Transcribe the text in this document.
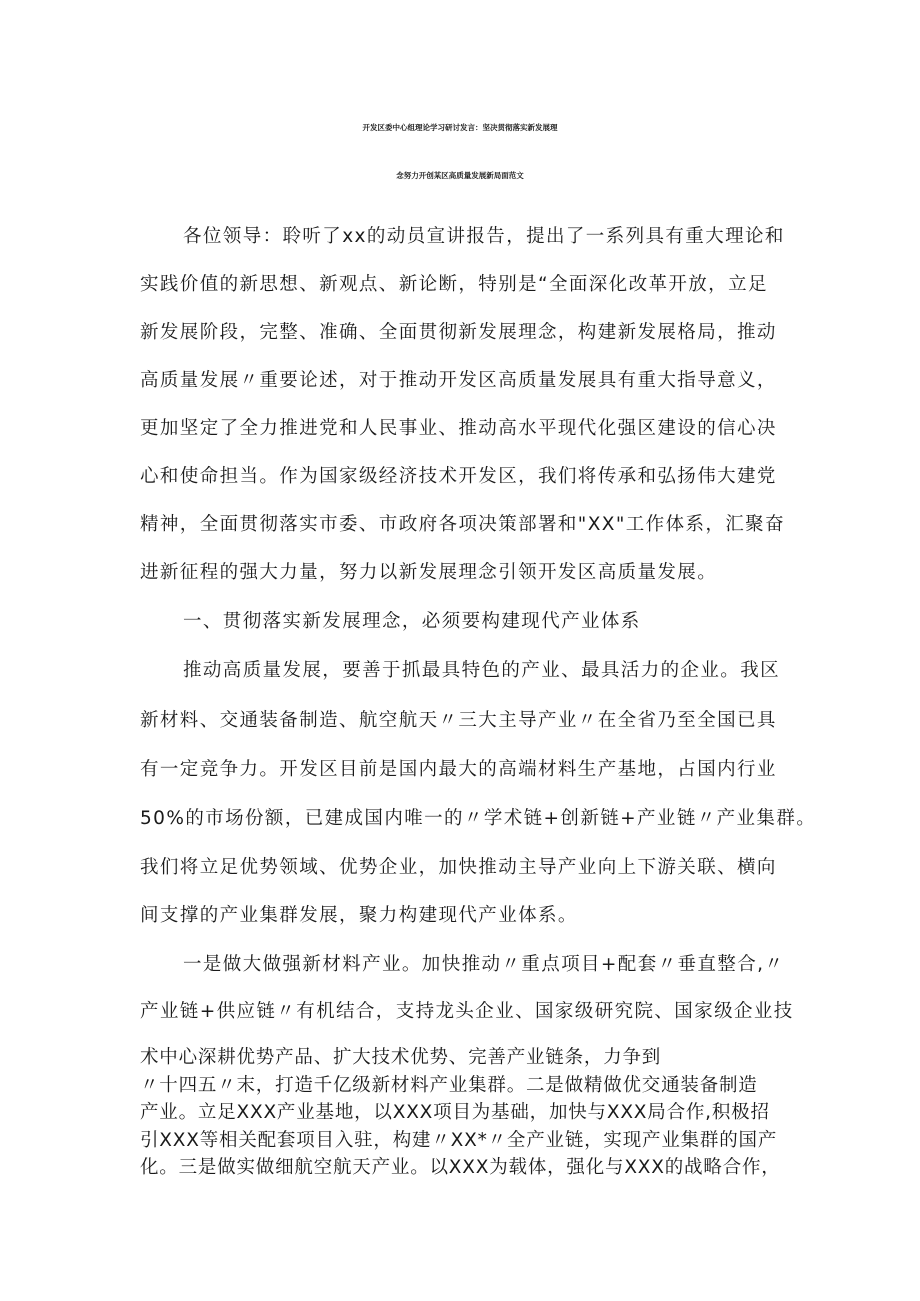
开发区委中心组理论学习研讨发言：坚决贯彻落实新发展理
念努力开创某区高质量发展新局面范文
各位领导：聆听了xx的动员宣讲报告，提出了一系列具有重大理论和
实践价值的新思想、新观点、新论断，特别是“全面深化改革开放，立足
新发展阶段，完整、准确、全面贯彻新发展理念，构建新发展格局，推动
高质量发展〃重要论述，对于推动开发区高质量发展具有重大指导意义，
更加坚定了全力推进党和人民事业、推动高水平现代化强区建设的信心决
心和使命担当。作为国家级经济技术开发区，我们将传承和弘扬伟大建党
精神，全面贯彻落实市委、市政府各项决策部署和"XX"工作体系，汇聚奋
进新征程的强大力量，努力以新发展理念引领开发区高质量发展。
一、贯彻落实新发展理念，必须要构建现代产业体系
推动高质量发展，要善于抓最具特色的产业、最具活力的企业。我区
新材料、交通装备制造、航空航天〃三大主导产业〃在全省乃至全国已具
有一定竞争力。开发区目前是国内最大的高端材料生产基地，占国内行业
50%的市场份额，已建成国内唯一的〃学术链+创新链+产业链〃产业集群。
我们将立足优势领域、优势企业，加快推动主导产业向上下游关联、横向
间支撑的产业集群发展，聚力构建现代产业体系。
一是做大做强新材料产业。加快推动〃重点项目+配套〃垂直整合,〃
产业链+供应链〃有机结合，支持龙头企业、国家级研究院、国家级企业技
术中心深耕优势产品、扩大技术优势、完善产业链条，力争到
〃十四五〃末，打造千亿级新材料产业集群。二是做精做优交通装备制造
产业。立足XXX产业基地，以XXX项目为基础，加快与XXX局合作,积极招
引XXX等相关配套项目入驻，构建〃XX*〃全产业链，实现产业集群的国产
化。三是做实做细航空航天产业。以XXX为载体，强化与XXX的战略合作，
